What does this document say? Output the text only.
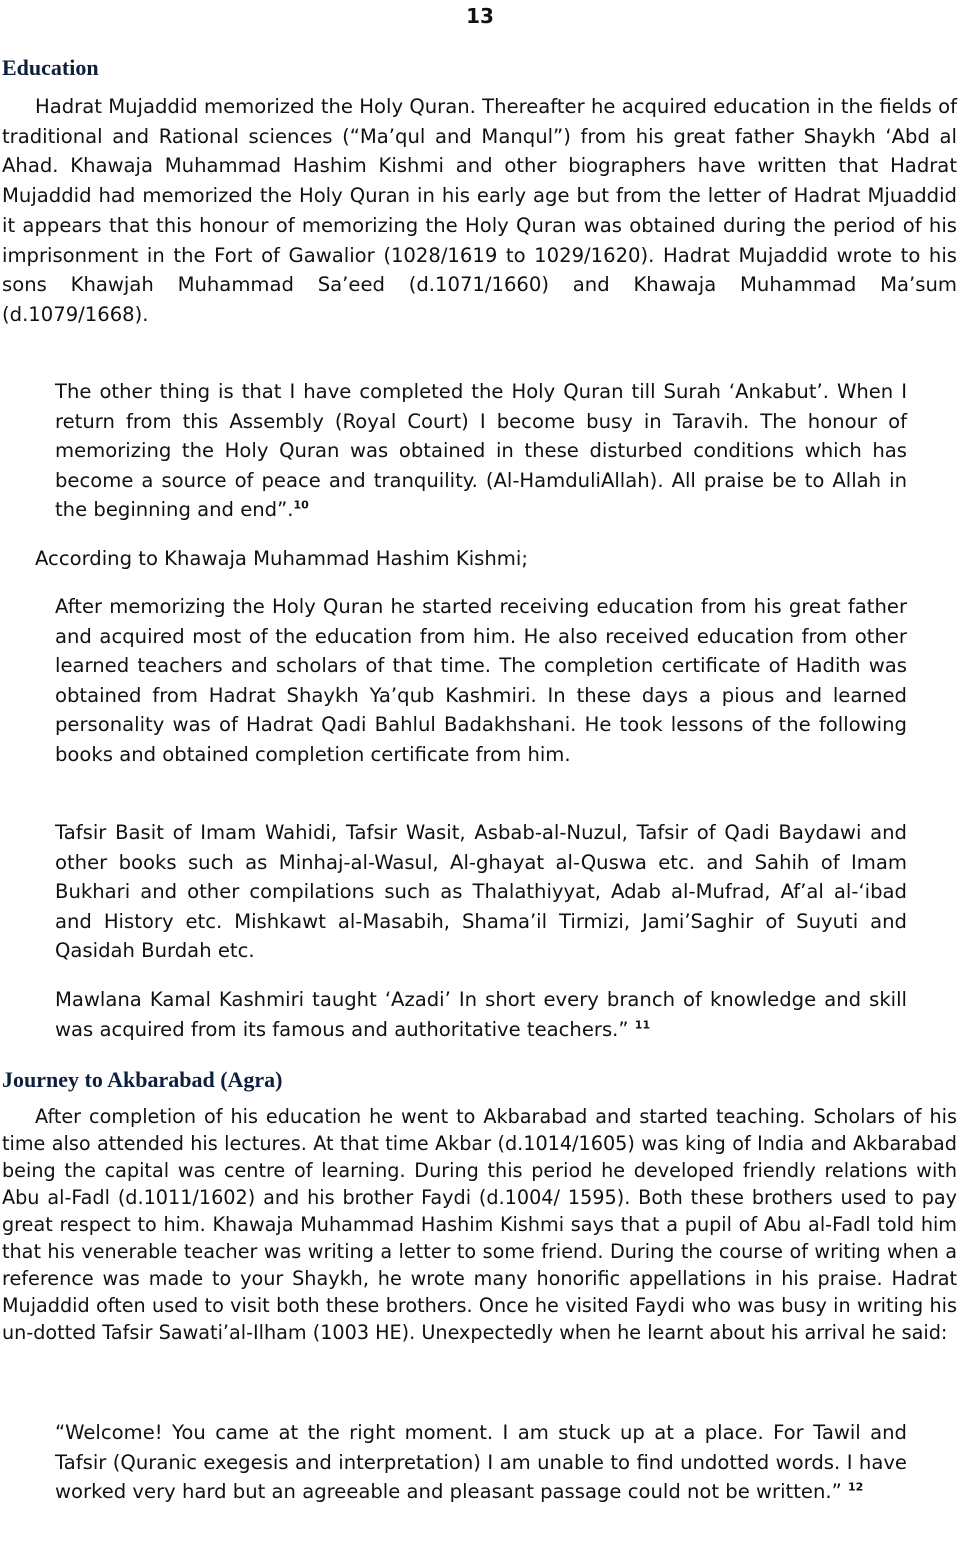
13
Education

Hadrat Mujaddid memorized the Holy Quran. Thereafter he acquired education in the fields of traditional and Rational sciences (“Ma’qul and Manqul”) from his great father Shaykh ‘Abd al Ahad. Khawaja Muhammad Hashim Kishmi and other biographers have written that Hadrat Mujaddid had memorized the Holy Quran in his early age but from the letter of Hadrat Mjuaddid it appears that this honour of memorizing the Holy Quran was obtained during the period of his imprisonment in the Fort of Gawalior (1028/1619 to 1029/1620). Hadrat Mujaddid wrote to his sons Khawjah Muhammad Sa’eed (d.1071/1660) and Khawaja Muhammad Ma’sum (d.1079/1668).

The other thing is that I have completed the Holy Quran till Surah ‘Ankabut’. When I return from this Assembly (Royal Court) I become busy in Taravih. The honour of memorizing the Holy Quran was obtained in these disturbed conditions which has become a source of peace and tranquility. (Al-HamduliAllah). All praise be to Allah in the beginning and end”.$^{10}$

According to Khawaja Muhammad Hashim Kishmi;

After memorizing the Holy Quran he started receiving education from his great father and acquired most of the education from him. He also received education from other learned teachers and scholars of that time. The completion certificate of Hadith was obtained from Hadrat Shaykh Ya’qub Kashmiri. In these days a pious and learned personality was of Hadrat Qadi Bahlul Badakhshani. He took lessons of the following books and obtained completion certificate from him.

Tafsir Basit of Imam Wahidi, Tafsir Wasit, Asbab-al-Nuzul, Tafsir of Qadi Baydawi and other books such as Minhaj-al-Wasul, Al-ghayat al-Quswa etc. and Sahih of Imam Bukhari and other compilations such as Thalathiyyat, Adab al-Mufrad, Af’al al-‘ibad and History etc. Mishkawt al-Masabih, Shama’il Tirmizi, Jami’Saghir of Suyuti and Qasidah Burdah etc.

Mawlana Kamal Kashmiri taught ‘Azadi’ In short every branch of knowledge and skill was acquired from its famous and authoritative teachers.” $^{11}$

Journey to Akbarabad (Agra)

After completion of his education he went to Akbarabad and started teaching. Scholars of his time also attended his lectures. At that time Akbar (d.1014/1605) was king of India and Akbarabad being the capital was centre of learning. During this period he developed friendly relations with Abu al-Fadl (d.1011/1602) and his brother Faydi (d.1004/ 1595). Both these brothers used to pay great respect to him. Khawaja Muhammad Hashim Kishmi says that a pupil of Abu al-Fadl told him that his venerable teacher was writing a letter to some friend. During the course of writing when a reference was made to your Shaykh, he wrote many honorific appellations in his praise. Hadrat Mujaddid often used to visit both these brothers. Once he visited Faydi who was busy in writing his un-dotted Tafsir Sawati’al-Ilham (1003 HE). Unexpectedly when he learnt about his arrival he said:

“Welcome! You came at the right moment. I am stuck up at a place. For Tawil and Tafsir (Quranic exegesis and interpretation) I am unable to find undotted words. I have worked very hard but an agreeable and pleasant passage could not be written.” $^{12}$
